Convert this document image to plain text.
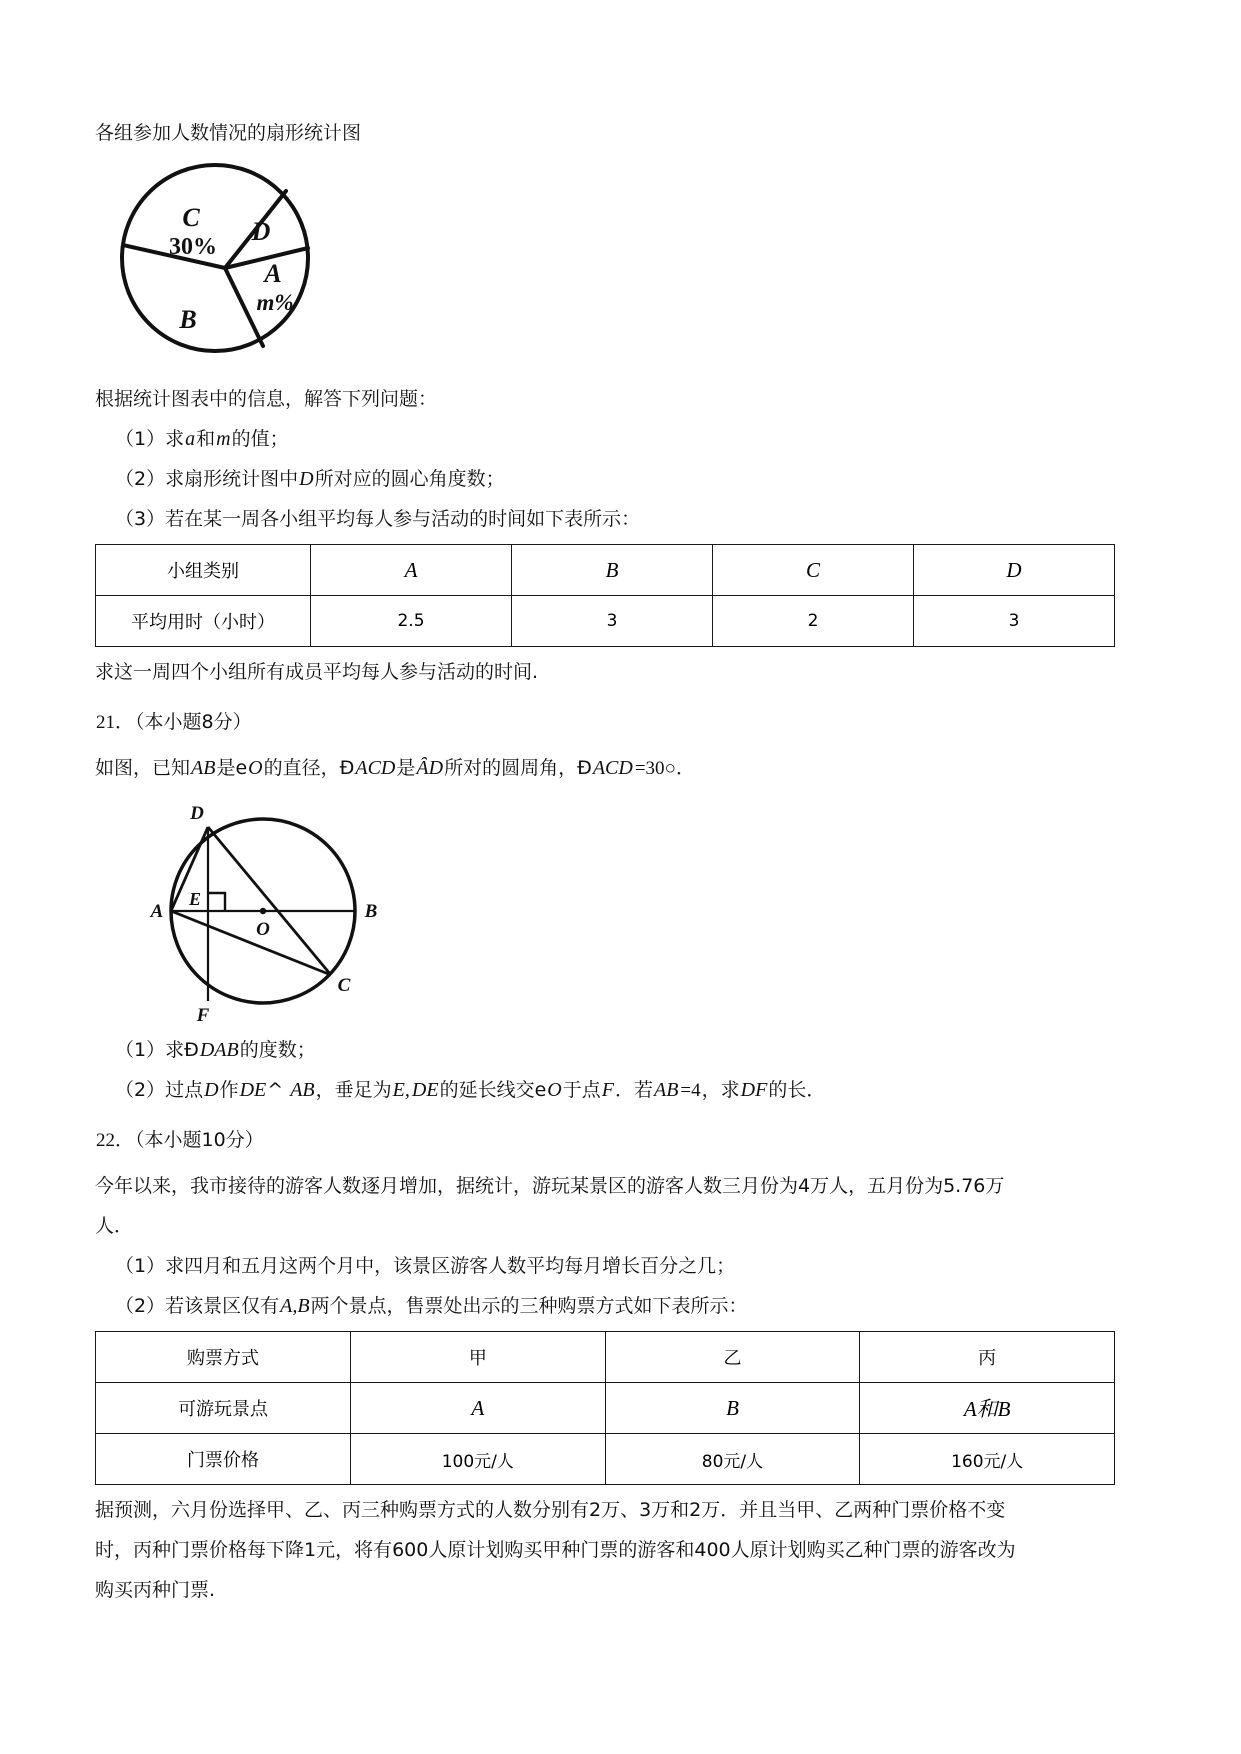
各组参加人数情况的扇形统计图
C
30%
D
A
m%
B
根据统计图表中的信息，解答下列问题：
（1）求a和m的值；
（2）求扇形统计图中D所对应的圆心角度数；
（3）若在某一周各小组平均每人参与活动的时间如下表所示：
小组类别	A	B	C	D
平均用时（小时）	2.5	3	2	3
求这一周四个小组所有成员平均每人参与活动的时间.
21．（本小题8分）
如图，已知AB是eO的直径，ÐACD是ȂD所对的圆周角，ÐACD =30○．
D
E
A
O
B
F
C
（1）求ÐDAB的度数；
（2）过点D作DE^ AB，垂足为E, DE的延长线交eO于点F．若AB =4，求DF的长．
22．（本小题10分）
今年以来，我市接待的游客人数逐月增加，据统计，游玩某景区的游客人数三月份为4万人，五月份为5.76万
人．
（1）求四月和五月这两个月中，该景区游客人数平均每月增长百分之几；
（2）若该景区仅有A,B两个景点，售票处出示的三种购票方式如下表所示：
购票方式	甲	乙	丙
可游玩景点	A	B	A和B
门票价格	100元/人	80元/人	160元/人
据预测，六月份选择甲、乙、丙三种购票方式的人数分别有2万、3万和2万．并且当甲、乙两种门票价格不变
时，丙种门票价格每下降1元，将有600人原计划购买甲种门票的游客和400人原计划购买乙种门票的游客改为
购买丙种门票.
